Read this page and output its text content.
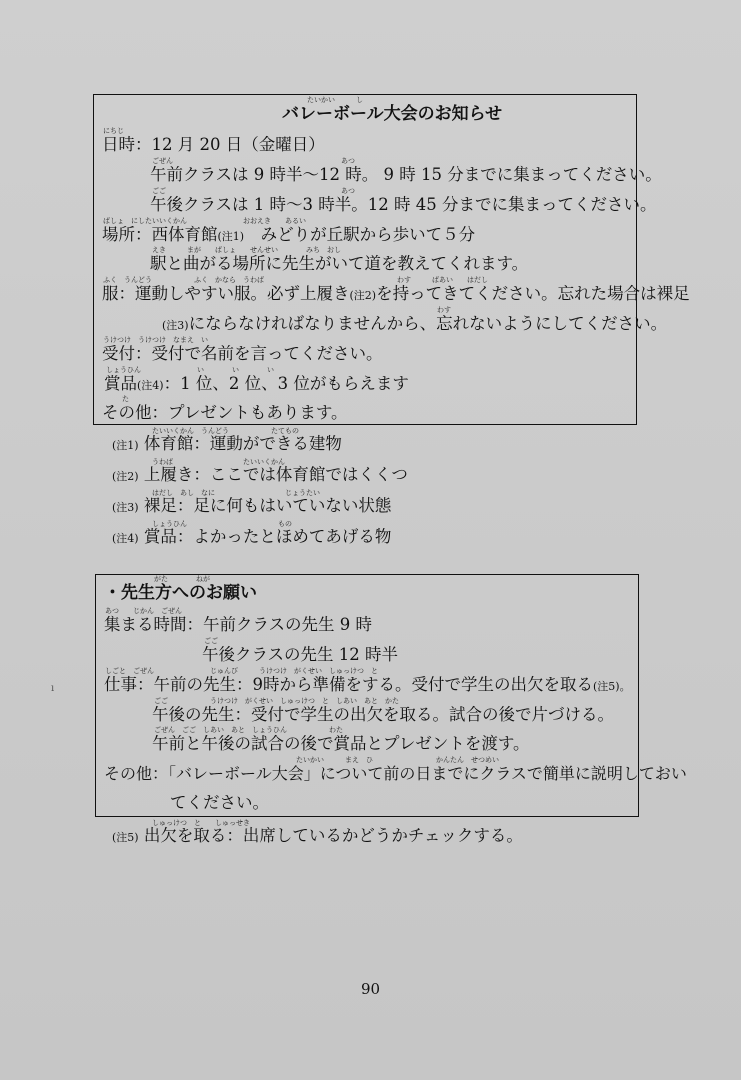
たいかい　　　し
バレーボール大会のお知らせ
にちじ
日時：12 月 20 日（金曜日）
ごぜん　　　　　　　　　　　　　　　　　　　　　　　　あつ
午前クラスは 9 時半～12 時。 9 時 15 分までに集まってください。
ごご　　　　　　　　　　　　　　　　　　　　　　　　　あつ
午後クラスは 1 時～3 時半。12 時 45 分までに集まってください。
ばしょ　にしたいいくかん　　　　　　　　おおえき　　あるい
場所：西体育館(注1)　みどりが丘駅から歩いて５分
えき　　　まが　　ばしょ　　せんせい　　　　みち　おし
駅と曲がる場所に先生がいて道を教えてくれます。
ふく　うんどう　　　　　　ふく　かなら　うわば　　　　　　　　　　　　　　　　　　　わす　　　ばあい　　はだし
服：運動しやすい服。必ず上履き(注2)を持ってきてください。忘れた場合は裸足
わす
(注3)にならなければなりませんから、忘れないようにしてください。
うけつけ　うけつけ　なまえ　い
受付：受付で名前を言ってください。
しょうひん　　　　　　　　い　　　　い　　　　い
賞品(注4)：1 位、2 位、3 位がもらえます
た
その他：プレゼントもあります。
たいいくかん　うんどう　　　　　　たてもの
(注1) 体育館：運動ができる建物
うわば　　　　　　　　　　たいいくかん
(注2) 上履き：ここでは体育館ではくくつ
はだし　あし　なに　　　　　　　　　　じょうたい
(注3) 裸足：足に何もはいていない状態
しょうひん　　　　　　　　　　　　　もの
(注4) 賞品：よかったとほめてあげる物
がた　　　　ねが
・先生方へのお願い
あつ　　じかん　ごぜん
集まる時間：午前クラスの先生 9 時
ごご
午後クラスの先生 12 時半
しごと　ごぜん　　　　　　　　じゅんび　　　うけつけ　がくせい　しゅっけつ　と
仕事：午前の先生：9時から準備をする。受付で学生の出欠を取る(注5)。
ごご　　　　　　うけつけ　がくせい　しゅっけつ　と　しあい　あと　かた
午後の先生：受付で学生の出欠を取る。試合の後で片づける。
ごぜん　ごご　しあい　あと　しょうひん　　　　　　わた
午前と午後の試合の後で賞品とプレゼントを渡す。
たいかい　　　まえ　ひ　　　　　　　　　かんたん　せつめい
その他：「バレーボール大会」について前の日までにクラスで簡単に説明しておい
てください。
しゅっけつ　と　　しゅっせき
(注5) 出欠を取る：出席しているかどうかチェックする。
ı
90
